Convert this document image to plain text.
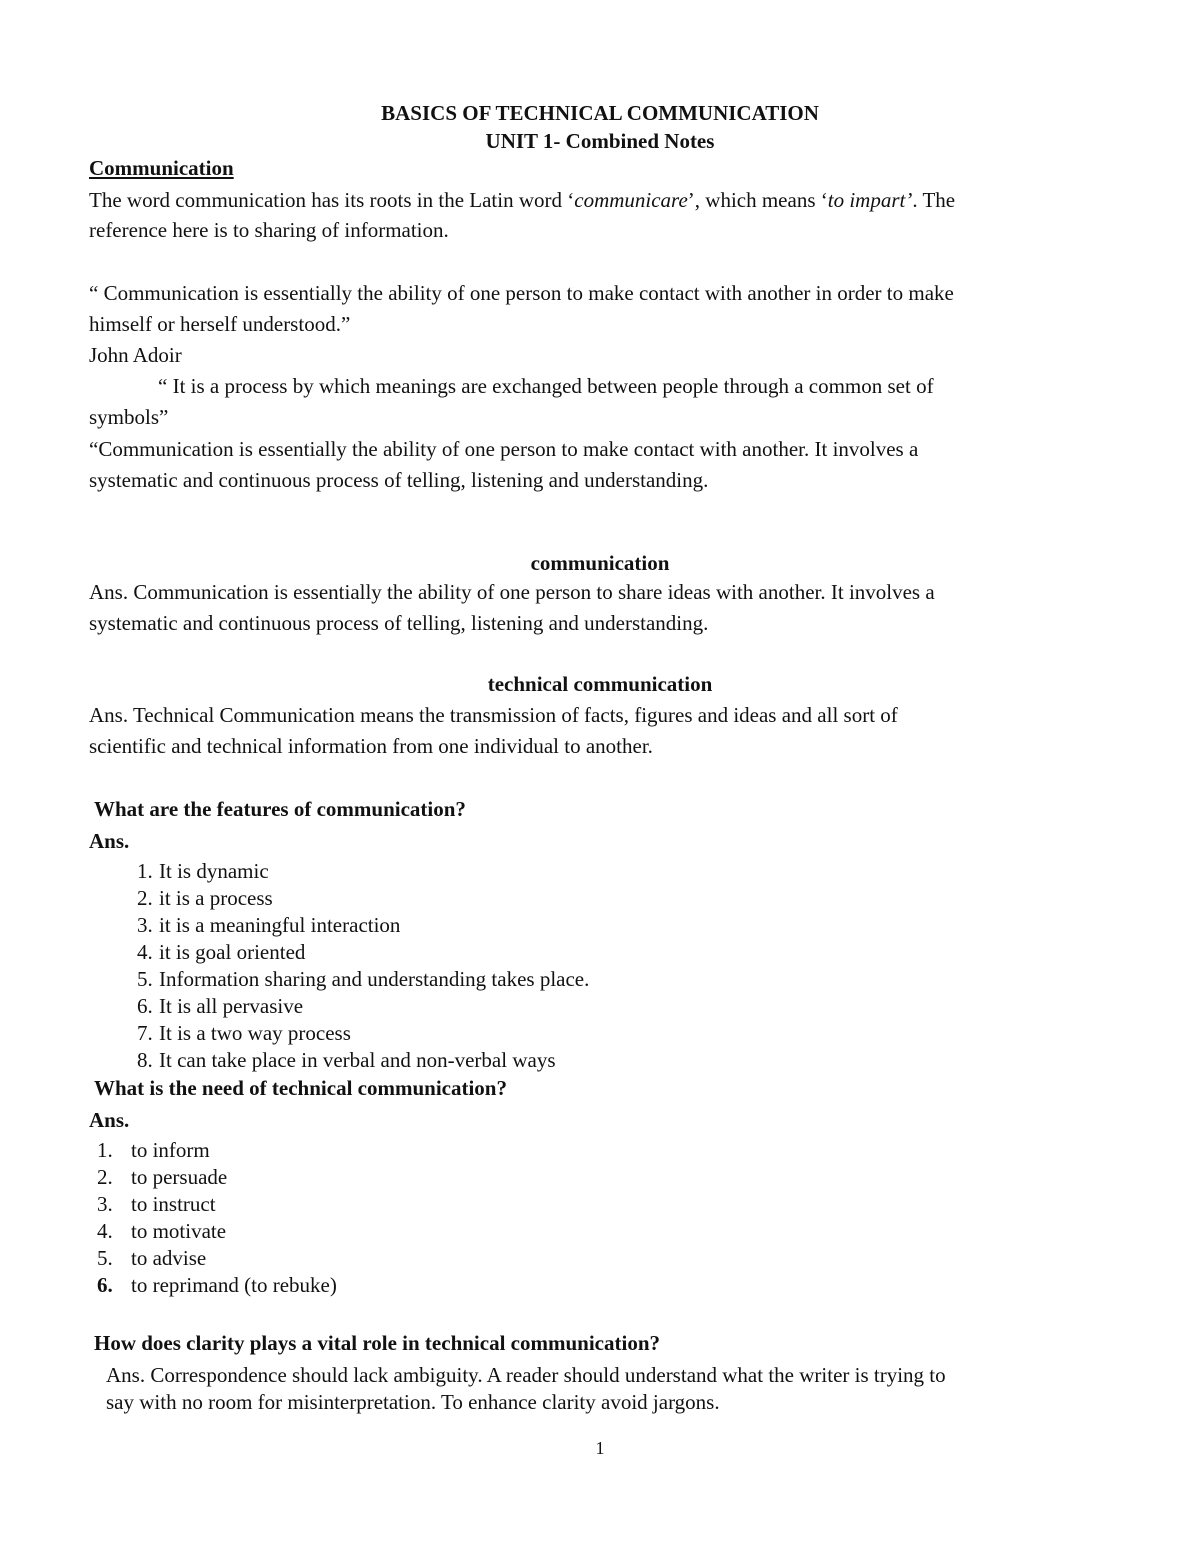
BASICS OF TECHNICAL COMMUNICATION
UNIT 1- Combined Notes
Communication
The word communication has its roots in the Latin word ‘communicare’, which means ‘to impart’. The
reference here is to sharing of information.
“ Communication is essentially the ability of one person to make contact with another in order to make
himself or herself understood.”
John Adoir
“ It is a process by which meanings are exchanged between people through a common set of
symbols”
“Communication is essentially the ability of one person to make contact with another. It involves a
systematic and continuous process of telling, listening and understanding.
communication
Ans. Communication is essentially the ability of one person to share ideas with another. It involves a
systematic and continuous process of telling, listening and understanding.
technical communication
Ans. Technical Communication means the transmission of facts, figures and ideas and all sort of
scientific and technical information from one individual to another.
What are the features of communication?
Ans.
1. It is dynamic
2. it is a process
3. it is a meaningful interaction
4. it is goal oriented
5. Information sharing and understanding takes place.
6. It is all pervasive
7. It is a two way process
8. It can take place in verbal and non-verbal ways
What is the need of technical communication?
Ans.
1. to inform
2. to persuade
3. to instruct
4. to motivate
5. to advise
6. to reprimand (to rebuke)
How does clarity plays a vital role in technical communication?
Ans. Correspondence should lack ambiguity. A reader should understand what the writer is trying to
say with no room for misinterpretation. To enhance clarity avoid jargons.
1
